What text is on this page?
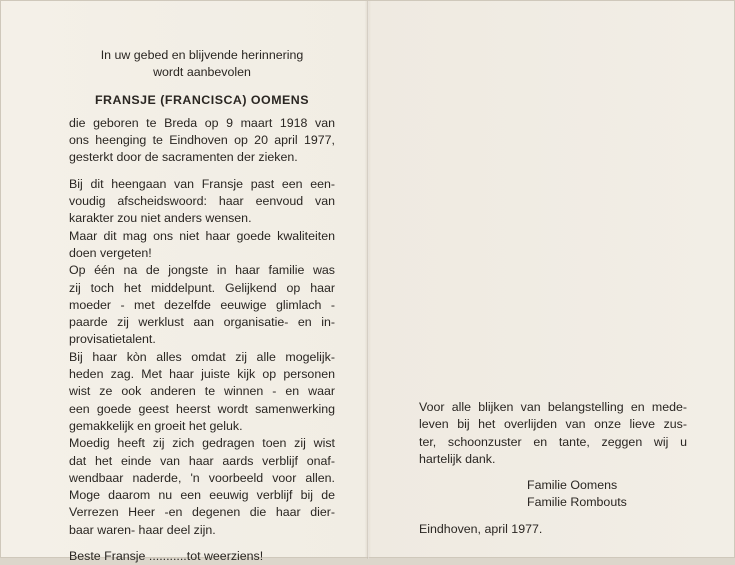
In uw gebed en blijvende herinnering

wordt aanbevolen

FRANSJE (FRANCISCA) OOMENS

die geboren te Breda op 9 maart 1918 van

ons heenging te Eindhoven op 20 april 1977,

gesterkt door de sacramenten der zieken.

Bij dit heengaan van Fransje past een een-

voudig afscheidswoord: haar eenvoud van

karakter zou niet anders wensen.

Maar dit mag ons niet haar goede kwaliteiten

doen vergeten!

Op één na de jongste in haar familie was

zij toch het middelpunt. Gelijkend op haar

moeder - met dezelfde eeuwige glimlach -

paarde zij werklust aan organisatie- en in-

provisatietalent.

Bij haar kòn alles omdat zij alle mogelijk-

heden zag. Met haar juiste kijk op personen

wist ze ook anderen te winnen - en waar

een goede geest heerst wordt samenwerking

gemakkelijk en groeit het geluk.

Moedig heeft zij zich gedragen toen zij wist

dat het einde van haar aards verblijf onaf-

wendbaar naderde, 'n voorbeeld voor allen.

Moge daarom nu een eeuwig verblijf bij de

Verrezen Heer -en degenen die haar dier-

baar waren- haar deel zijn.

Beste Fransje ...........tot weerziens!

Voor alle blijken van belangstelling en mede-

leven bij het overlijden van onze lieve zus-

ter, schoonzuster en tante, zeggen wij u

hartelijk dank.

Familie Oomens

Familie Rombouts

Eindhoven, april 1977.
